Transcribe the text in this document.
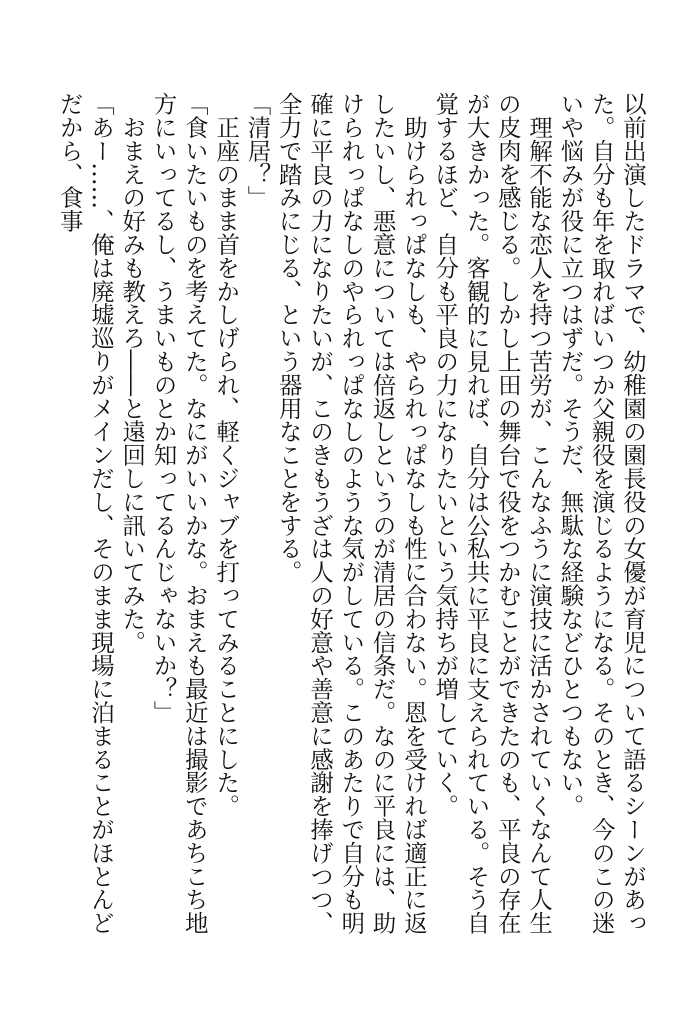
以前出演したドラマで、幼稚園の園長役の女優が育児について語るシーンがあった。自分も年を取ればいつか父親役を演じるようになる。そのとき、今のこの迷いや悩みが役に立つはずだ。そうだ、無駄な経験などひとつもない。

　理解不能な恋人を持つ苦労が、こんなふうに演技に活かされていくなんて人生の皮肉を感じる。しかし上田の舞台で役をつかむことができたのも、平良の存在が大きかった。客観的に見れば、自分は公私共に平良に支えられている。そう自覚するほど、自分も平良の力になりたいという気持ちが増していく。

　助けられっぱなしも、やられっぱなしも性に合わない。恩を受ければ適正に返したいし、悪意については倍返しというのが清居の信条だ。なのに平良には、助けられっぱなしのやられっぱなしのような気がしている。このあたりで自分も明確に平良の力になりたいが、このきもうざは人の好意や善意に感謝を捧げつつ、全力で踏みにじる、という器用なことをする。

「清居？」

　正座のまま首をかしげられ、軽くジャブを打ってみることにした。

「食いたいものを考えてた。なにがいいかな。おまえも最近は撮影であちこち地方にいってるし、うまいものとか知ってるんじゃないか？」

　おまえの好みも教えろ――と遠回しに訊いてみた。

「あー……、俺は廃墟巡りがメインだし、そのまま現場に泊まることがほとんどだから、食事
